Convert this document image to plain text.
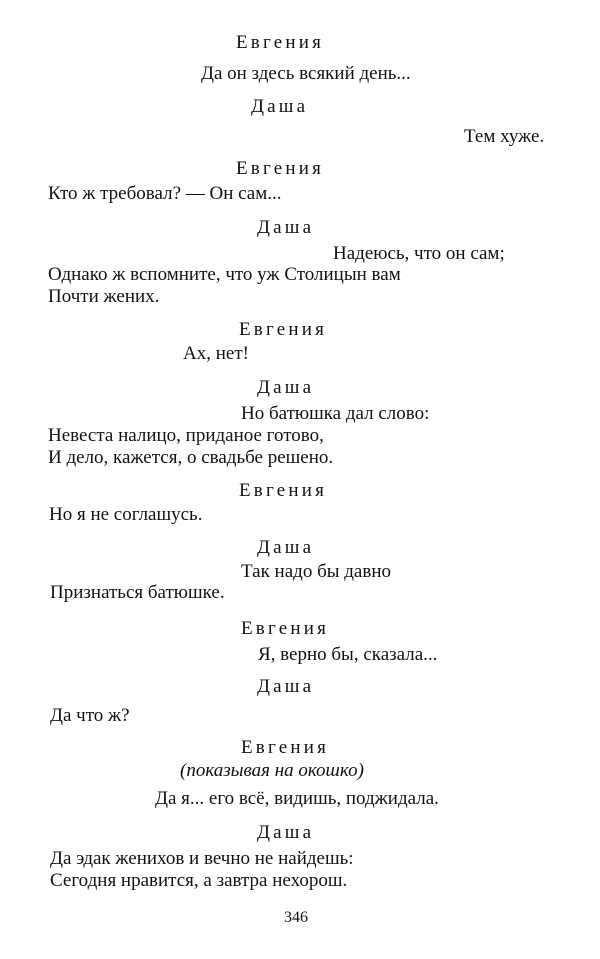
Евгения
Да он здесь всякий день...
Даша
Тем хуже.
Евгения
Кто ж требовал? — Он сам...
Даша
Надеюсь, что он сам;
Однако ж вспомните, что уж Столицын вам
Почти жених.
Евгения
Ах, нет!
Даша
Но батюшка дал слово:
Невеста налицо, приданое готово,
И дело, кажется, о свадьбе решено.
Евгения
Но я не соглашусь.
Даша
Так надо бы давно
Признаться батюшке.
Евгения
Я, верно бы, сказала...
Даша
Да что ж?
Евгения
(показывая на окошко)
Да я... его всё, видишь, поджидала.
Даша
Да эдак женихов и вечно не найдешь:
Сегодня нравится, а завтра нехорош.
346
